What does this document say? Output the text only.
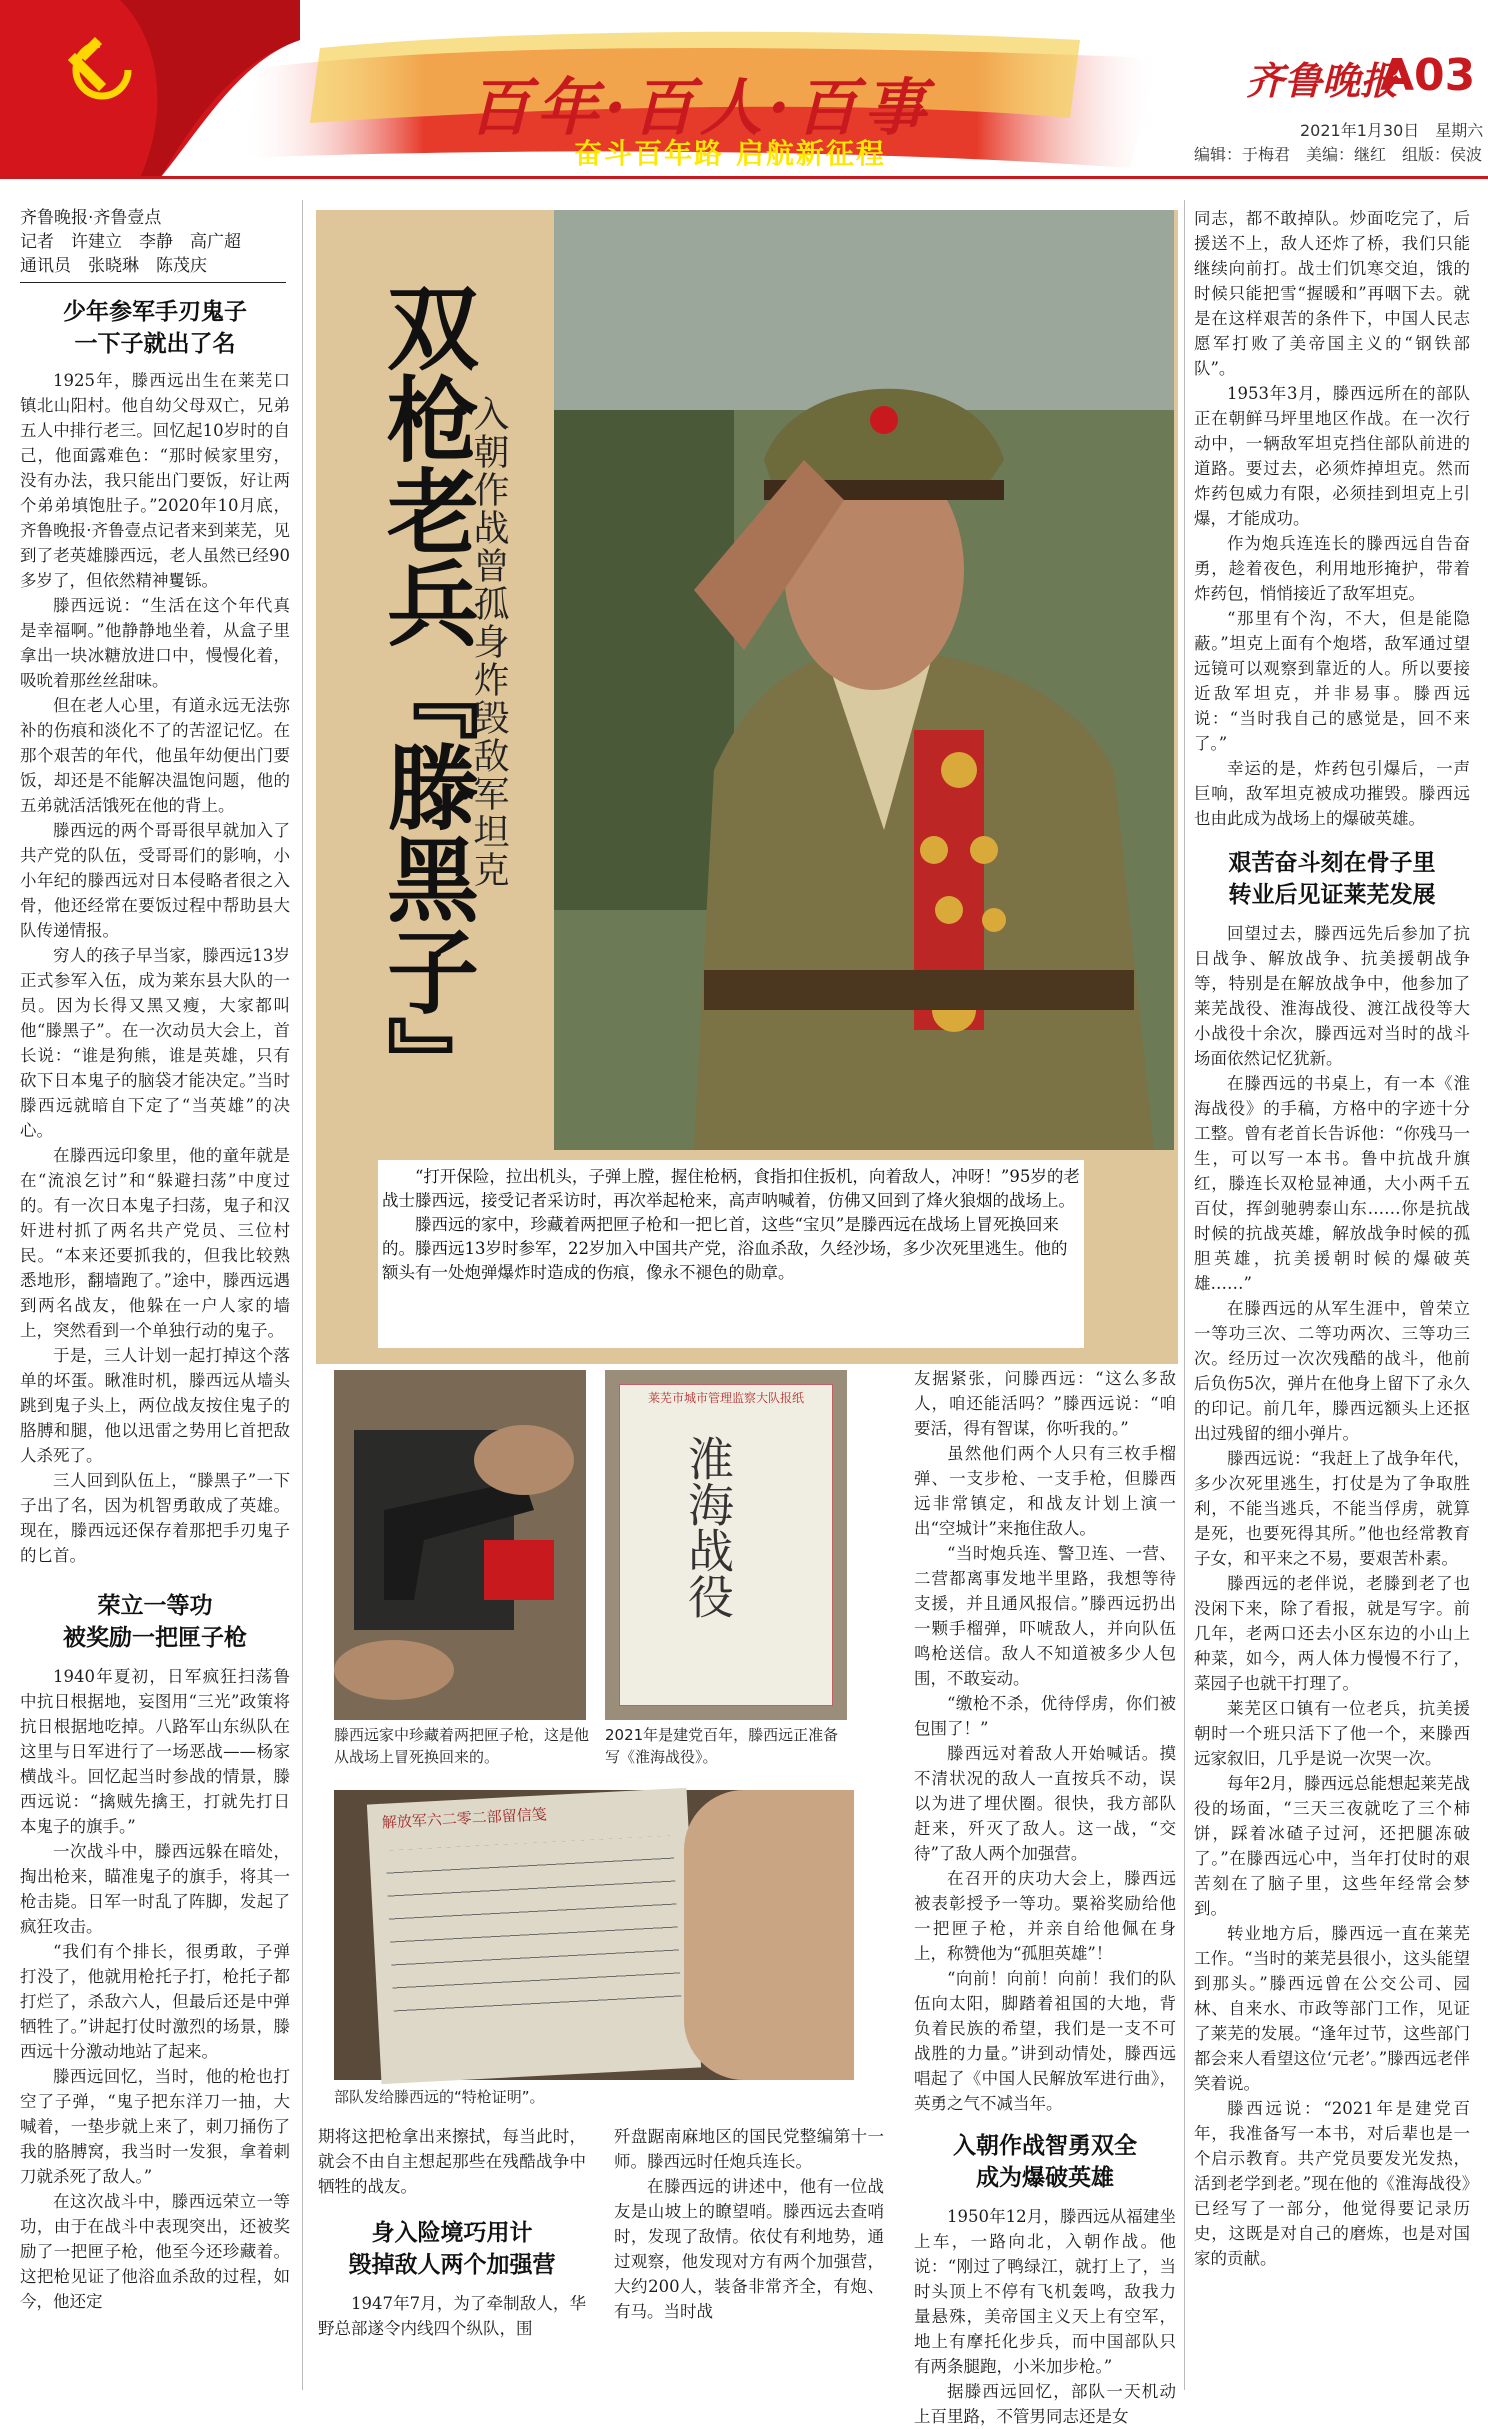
百年·百人·百事
奋斗百年路 启航新征程
齐鲁晚报
A03
2021年1月30日　星期六
编辑：于梅君　美编：继红　组版：侯波
齐鲁晚报·齐鲁壹点
记者　许建立　李静　高广超
通讯员　张晓琳　陈茂庆
少年参军手刃鬼子
一下子就出了名

1925年，滕西远出生在莱芜口镇北山阳村。他自幼父母双亡，兄弟五人中排行老三。回忆起10岁时的自己，他面露难色：“那时候家里穷，没有办法，我只能出门要饭，好让两个弟弟填饱肚子。”2020年10月底，齐鲁晚报·齐鲁壹点记者来到莱芜，见到了老英雄滕西远，老人虽然已经90多岁了，但依然精神矍铄。

滕西远说：“生活在这个年代真是幸福啊。”他静静地坐着，从盒子里拿出一块冰糖放进口中，慢慢化着，吸吮着那丝丝甜味。

但在老人心里，有道永远无法弥补的伤痕和淡化不了的苦涩记忆。在那个艰苦的年代，他虽年幼便出门要饭，却还是不能解决温饱问题，他的五弟就活活饿死在他的背上。

滕西远的两个哥哥很早就加入了共产党的队伍，受哥哥们的影响，小小年纪的滕西远对日本侵略者很之入骨，他还经常在要饭过程中帮助县大队传递情报。

穷人的孩子早当家，滕西远13岁正式参军入伍，成为莱东县大队的一员。因为长得又黑又瘦，大家都叫他“滕黑子”。在一次动员大会上，首长说：“谁是狗熊，谁是英雄，只有砍下日本鬼子的脑袋才能决定。”当时滕西远就暗自下定了“当英雄”的决心。

在滕西远印象里，他的童年就是在“流浪乞讨”和“躲避扫荡”中度过的。有一次日本鬼子扫荡，鬼子和汉奸进村抓了两名共产党员、三位村民。“本来还要抓我的，但我比较熟悉地形，翻墙跑了。”途中，滕西远遇到两名战友，他躲在一户人家的墙上，突然看到一个单独行动的鬼子。

于是，三人计划一起打掉这个落单的坏蛋。瞅准时机，滕西远从墙头跳到鬼子头上，两位战友按住鬼子的胳膊和腿，他以迅雷之势用匕首把敌人杀死了。

三人回到队伍上，“滕黑子”一下子出了名，因为机智勇敢成了英雄。现在，滕西远还保存着那把手刃鬼子的匕首。

荣立一等功
被奖励一把匣子枪

1940年夏初，日军疯狂扫荡鲁中抗日根据地，妄图用“三光”政策将抗日根据地吃掉。八路军山东纵队在这里与日军进行了一场恶战——杨家横战斗。回忆起当时参战的情景，滕西远说：“擒贼先擒王，打就先打日本鬼子的旗手。”

一次战斗中，滕西远躲在暗处，掏出枪来，瞄准鬼子的旗手，将其一枪击毙。日军一时乱了阵脚，发起了疯狂攻击。

“我们有个排长，很勇敢，子弹打没了，他就用枪托子打，枪托子都打烂了，杀敌六人，但最后还是中弹牺牲了。”讲起打仗时激烈的场景，滕西远十分激动地站了起来。

滕西远回忆，当时，他的枪也打空了子弹，“鬼子把东洋刀一抽，大喊着，一垫步就上来了，刺刀捅伤了我的胳膊窝，我当时一发狠，拿着刺刀就杀死了敌人。”

在这次战斗中，滕西远荣立一等功，由于在战斗中表现突出，还被奖励了一把匣子枪，他至今还珍藏着。这把枪见证了他浴血杀敌的过程，如今，他还定

双枪老兵『滕黑子』
入朝作战曾孤身炸毁敌军坦克

“打开保险，拉出机头，子弹上膛，握住枪柄，食指扣住扳机，向着敌人，冲呀！”95岁的老战士滕西远，接受记者采访时，再次举起枪来，高声呐喊着，仿佛又回到了烽火狼烟的战场上。

滕西远的家中，珍藏着两把匣子枪和一把匕首，这些“宝贝”是滕西远在战场上冒死换回来的。滕西远13岁时参军，22岁加入中国共产党，浴血杀敌，久经沙场，多少次死里逃生。他的额头有一处炮弹爆炸时造成的伤痕，像永不褪色的勋章。

滕西远家中珍藏着两把匣子枪，这是他从战场上冒死换回来的。
莱芜市城市管理监察大队报纸
淮海战役
2021年是建党百年，滕西远正准备写《淮海战役》。
解放军六二零二部留信笺
部队发给滕西远的“特枪证明”。

期将这把枪拿出来擦拭，每当此时，就会不由自主想起那些在残酷战争中牺牲的战友。

身入险境巧用计
毁掉敌人两个加强营

1947年7月，为了牵制敌人，华野总部遂令内线四个纵队，围

歼盘踞南麻地区的国民党整编第十一师。滕西远时任炮兵连长。

在滕西远的讲述中，他有一位战友是山坡上的瞭望哨。滕西远去查哨时，发现了敌情。依仗有利地势，通过观察，他发现对方有两个加强营，大约200人，装备非常齐全，有炮、有马。当时战

友据紧张，问滕西远：“这么多敌人，咱还能活吗？”滕西远说：“咱要活，得有智谋，你听我的。”

虽然他们两个人只有三枚手榴弹、一支步枪、一支手枪，但滕西远非常镇定，和战友计划上演一出“空城计”来拖住敌人。

“当时炮兵连、警卫连、一营、二营都离事发地半里路，我想等待支援，并且通风报信。”滕西远扔出一颗手榴弹，吓唬敌人，并向队伍鸣枪送信。敌人不知道被多少人包围，不敢妄动。

“缴枪不杀，优待俘虏，你们被包围了！”

滕西远对着敌人开始喊话。摸不清状况的敌人一直按兵不动，误以为进了埋伏圈。很快，我方部队赶来，歼灭了敌人。这一战，“交待”了敌人两个加强营。

在召开的庆功大会上，滕西远被表彰授予一等功。粟裕奖励给他一把匣子枪，并亲自给他佩在身上，称赞他为“孤胆英雄”！

“向前！向前！向前！我们的队伍向太阳，脚踏着祖国的大地，背负着民族的希望，我们是一支不可战胜的力量。”讲到动情处，滕西远唱起了《中国人民解放军进行曲》，英勇之气不减当年。

入朝作战智勇双全
成为爆破英雄

1950年12月，滕西远从福建坐上车，一路向北，入朝作战。他说：“刚过了鸭绿江，就打上了，当时头顶上不停有飞机轰鸣，敌我力量悬殊，美帝国主义天上有空军，地上有摩托化步兵，而中国部队只有两条腿跑，小米加步枪。”

据滕西远回忆，部队一天机动上百里路，不管男同志还是女

同志，都不敢掉队。炒面吃完了，后援送不上，敌人还炸了桥，我们只能继续向前打。战士们饥寒交迫，饿的时候只能把雪“握暖和”再咽下去。就是在这样艰苦的条件下，中国人民志愿军打败了美帝国主义的“钢铁部队”。

1953年3月，滕西远所在的部队正在朝鲜马坪里地区作战。在一次行动中，一辆敌军坦克挡住部队前进的道路。要过去，必须炸掉坦克。然而炸药包威力有限，必须挂到坦克上引爆，才能成功。

作为炮兵连连长的滕西远自告奋勇，趁着夜色，利用地形掩护，带着炸药包，悄悄接近了敌军坦克。

“那里有个沟，不大，但是能隐蔽。”坦克上面有个炮塔，敌军通过望远镜可以观察到靠近的人。所以要接近敌军坦克，并非易事。滕西远说：“当时我自己的感觉是，回不来了。”

幸运的是，炸药包引爆后，一声巨响，敌军坦克被成功摧毁。滕西远也由此成为战场上的爆破英雄。

艰苦奋斗刻在骨子里
转业后见证莱芜发展

回望过去，滕西远先后参加了抗日战争、解放战争、抗美援朝战争等，特别是在解放战争中，他参加了莱芜战役、淮海战役、渡江战役等大小战役十余次，滕西远对当时的战斗场面依然记忆犹新。

在滕西远的书桌上，有一本《淮海战役》的手稿，方格中的字迹十分工整。曾有老首长告诉他：“你残马一生，可以写一本书。鲁中抗战升旗红，滕连长双枪显神通，大小两千五百仗，挥剑驰骋泰山东……你是抗战时候的抗战英雄，解放战争时候的孤胆英雄，抗美援朝时候的爆破英雄……”

在滕西远的从军生涯中，曾荣立一等功三次、二等功两次、三等功三次。经历过一次次残酷的战斗，他前后负伤5次，弹片在他身上留下了永久的印记。前几年，滕西远额头上还抠出过残留的细小弹片。

滕西远说：“我赶上了战争年代，多少次死里逃生，打仗是为了争取胜利，不能当逃兵，不能当俘虏，就算是死，也要死得其所。”他也经常教育子女，和平来之不易，要艰苦朴素。

滕西远的老伴说，老滕到老了也没闲下来，除了看报，就是写字。前几年，老两口还去小区东边的小山上种菜，如今，两人体力慢慢不行了，菜园子也就干打理了。

莱芜区口镇有一位老兵，抗美援朝时一个班只活下了他一个，来滕西远家叙旧，几乎是说一次哭一次。

每年2月，滕西远总能想起莱芜战役的场面，“三天三夜就吃了三个柿饼，踩着冰碴子过河，还把腿冻破了。”在滕西远心中，当年打仗时的艰苦刻在了脑子里，这些年经常会梦到。

转业地方后，滕西远一直在莱芜工作。“当时的莱芜县很小，这头能望到那头。”滕西远曾在公交公司、园林、自来水、市政等部门工作，见证了莱芜的发展。“逢年过节，这些部门都会来人看望这位‘元老’。”滕西远老伴笑着说。

滕西远说：“2021年是建党百年，我准备写一本书，对后辈也是一个启示教育。共产党员要发光发热，活到老学到老。”现在他的《淮海战役》已经写了一部分，他觉得要记录历史，这既是对自己的磨炼，也是对国家的贡献。
